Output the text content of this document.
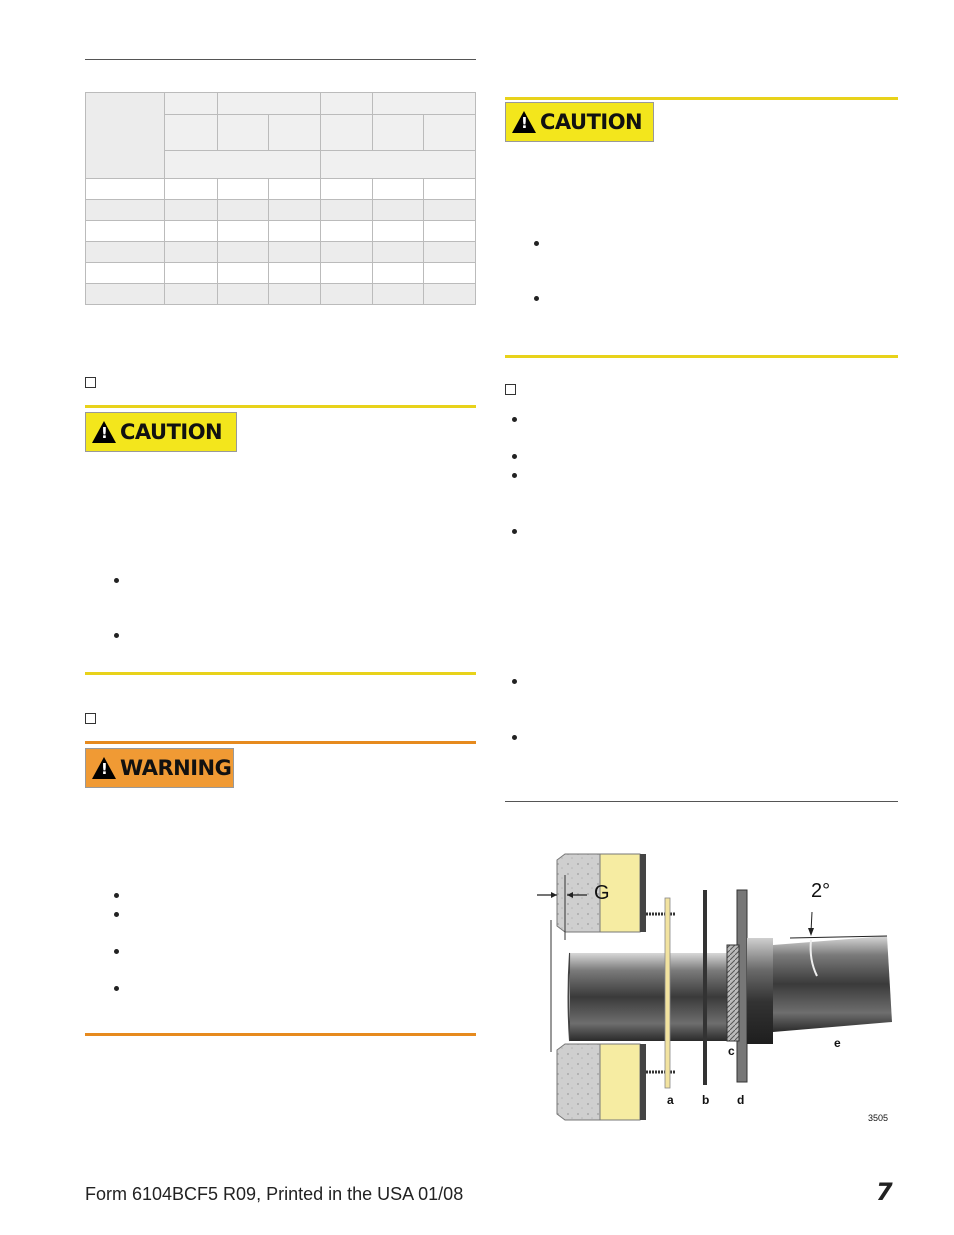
! CAUTION
! WARNING
! CAUTION
G	2°
a b
c
d
e
3505
Form 6104BCF5 R09, Printed in the USA 01/08	7
